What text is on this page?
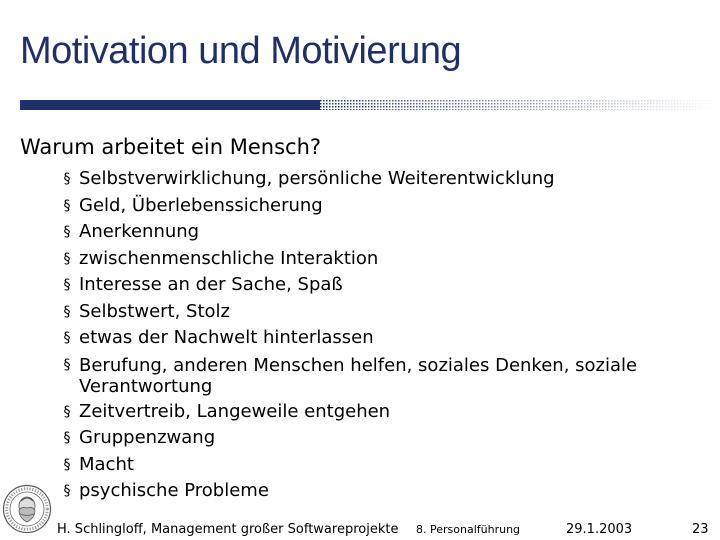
Motivation und Motivierung
Warum arbeitet ein Mensch?
§ Selbstverwirklichung, persönliche Weiterentwicklung
§ Geld, Überlebenssicherung
§ Anerkennung
§ zwischenmenschliche Interaktion
§ Interesse an der Sache, Spaß
§ Selbstwert, Stolz
§ etwas der Nachwelt hinterlassen
§ Berufung, anderen Menschen helfen, soziales Denken, soziale Verantwortung
§ Zeitvertreib, Langeweile entgehen
§ Gruppenzwang
§ Macht
§ psychische Probleme
H. Schlingloff, Management großer Softwareprojekte 8. Personalführung	29.1.2003	23
